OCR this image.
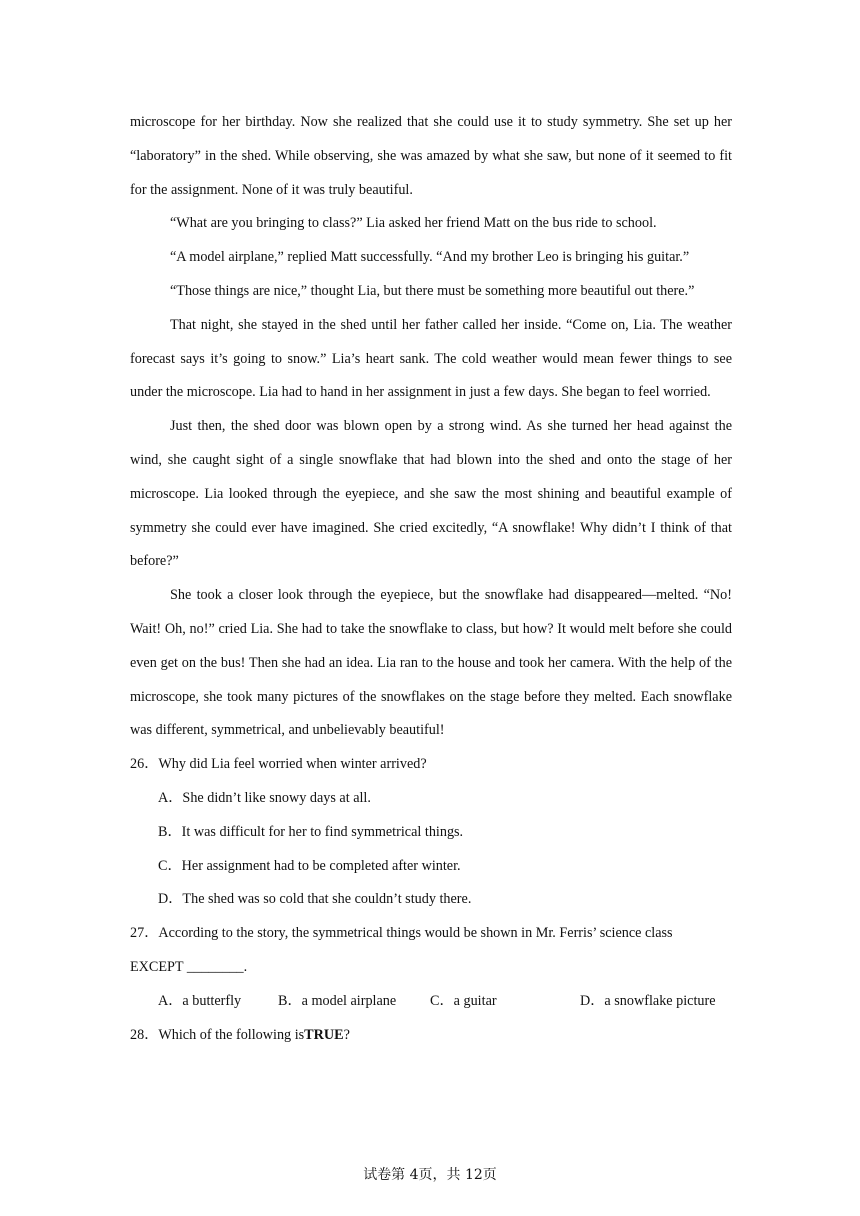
microscope for her birthday. Now she realized that she could use it to study symmetry. She set up her “laboratory” in the shed. While observing, she was amazed by what she saw, but none of it seemed to fit for the assignment. None of it was truly beautiful.

“What are you bringing to class?” Lia asked her friend Matt on the bus ride to school.

“A model airplane,” replied Matt successfully. “And my brother Leo is bringing his guitar.”

“Those things are nice,” thought Lia, but there must be something more beautiful out there.”

That night, she stayed in the shed until her father called her inside. “Come on, Lia. The weather forecast says it’s going to snow.” Lia’s heart sank. The cold weather would mean fewer things to see under the microscope. Lia had to hand in her assignment in just a few days. She began to feel worried.

Just then, the shed door was blown open by a strong wind. As she turned her head against the wind, she caught sight of a single snowflake that had blown into the shed and onto the stage of her microscope. Lia looked through the eyepiece, and she saw the most shining and beautiful example of symmetry she could ever have imagined. She cried excitedly, “A snowflake! Why didn’t I think of that before?”

She took a closer look through the eyepiece, but the snowflake had disappeared—melted. “No! Wait! Oh, no!” cried Lia. She had to take the snowflake to class, but how? It would melt before she could even get on the bus! Then she had an idea. Lia ran to the house and took her camera. With the help of the microscope, she took many pictures of the snowflakes on the stage before they melted. Each snowflake was different, symmetrical, and unbelievably beautiful!

26．Why did Lia feel worried when winter arrived?

A．She didn’t like snowy days at all.

B．It was difficult for her to find symmetrical things.

C．Her assignment had to be completed after winter.

D．The shed was so cold that she couldn’t study there.

27．According to the story, the symmetrical things would be shown in Mr. Ferris’ science class

EXCEPT ________.

A．a butterfly	B．a model airplane C．a guitar	D．a snowflake picture

28．Which of the following isTRUE?

试卷第 4页，共 12页
